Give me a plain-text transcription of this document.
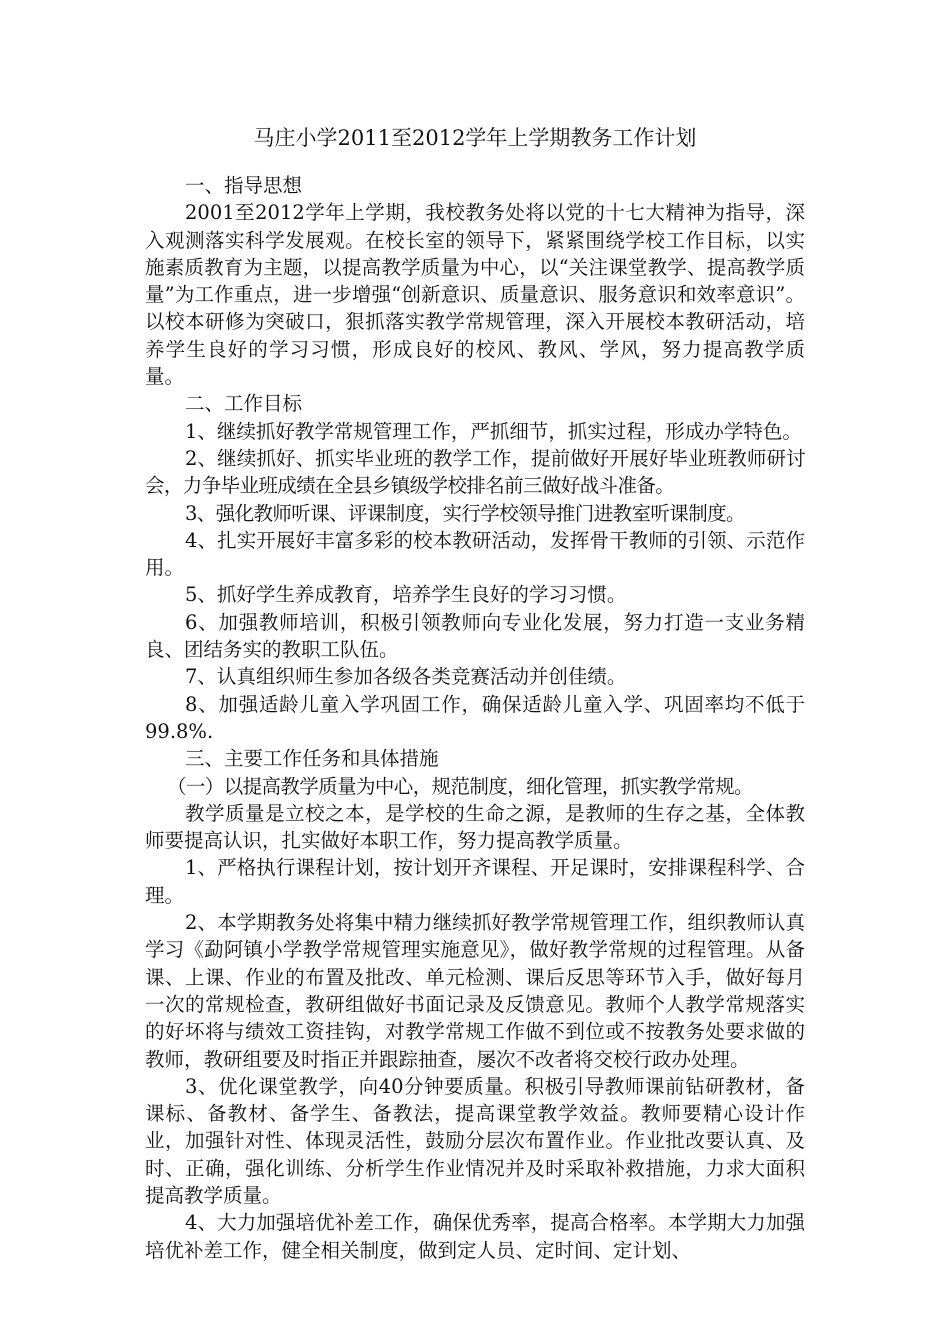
马庄小学2011至2012学年上学期教务工作计划

一、指导思想

2001至2012学年上学期，我校教务处将以党的十七大精神为指导，深入观测落实科学发展观。在校长室的领导下，紧紧围绕学校工作目标，以实施素质教育为主题，以提高教学质量为中心，以“关注课堂教学、提高教学质量”为工作重点，进一步增强“创新意识、质量意识、服务意识和效率意识”。以校本研修为突破口，狠抓落实教学常规管理，深入开展校本教研活动，培养学生良好的学习习惯，形成良好的校风、教风、学风，努力提高教学质量。

二、工作目标

1、继续抓好教学常规管理工作，严抓细节，抓实过程，形成办学特色。

2、继续抓好、抓实毕业班的教学工作，提前做好开展好毕业班教师研讨会，力争毕业班成绩在全县乡镇级学校排名前三做好战斗准备。

3、强化教师听课、评课制度，实行学校领导推门进教室听课制度。

4、扎实开展好丰富多彩的校本教研活动，发挥骨干教师的引领、示范作用。

5、抓好学生养成教育，培养学生良好的学习习惯。

6、加强教师培训，积极引领教师向专业化发展，努力打造一支业务精良、团结务实的教职工队伍。

7、认真组织师生参加各级各类竞赛活动并创佳绩。

8、加强适龄儿童入学巩固工作，确保适龄儿童入学、巩固率均不低于99.8%.

三、主要工作任务和具体措施

（一）以提高教学质量为中心，规范制度，细化管理，抓实教学常规。

教学质量是立校之本，是学校的生命之源，是教师的生存之基，全体教师要提高认识，扎实做好本职工作，努力提高教学质量。

1、严格执行课程计划，按计划开齐课程、开足课时，安排课程科学、合理。

2、本学期教务处将集中精力继续抓好教学常规管理工作，组织教师认真学习《勐阿镇小学教学常规管理实施意见》，做好教学常规的过程管理。从备课、上课、作业的布置及批改、单元检测、课后反思等环节入手，做好每月一次的常规检查，教研组做好书面记录及反馈意见。教师个人教学常规落实的好坏将与绩效工资挂钩，对教学常规工作做不到位或不按教务处要求做的教师，教研组要及时指正并跟踪抽查，屡次不改者将交校行政办处理。

3、优化课堂教学，向40分钟要质量。积极引导教师课前钻研教材，备课标、备教材、备学生、备教法，提高课堂教学效益。教师要精心设计作业，加强针对性、体现灵活性，鼓励分层次布置作业。作业批改要认真、及时、正确，强化训练、分析学生作业情况并及时采取补救措施，力求大面积提高教学质量。

4、大力加强培优补差工作，确保优秀率，提高合格率。本学期大力加强培优补差工作，健全相关制度，做到定人员、定时间、定计划、
